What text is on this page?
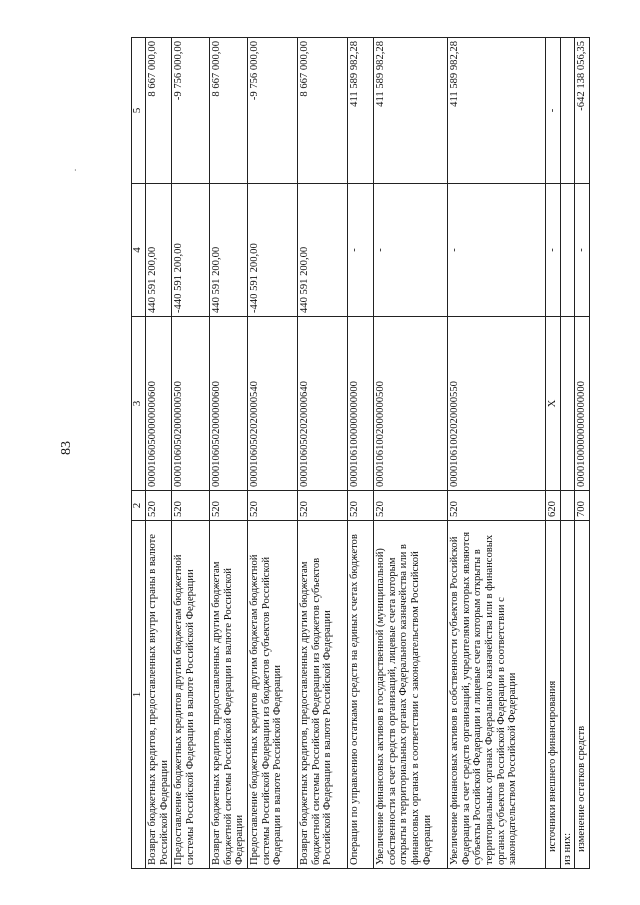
83
·
1	2	3	4	5
Возврат бюджетных кредитов, предоставленных внутри страны в валюте Российской Федерации	520	00001060500000000600	440 591 200,00	8 667 000,00
Предоставление бюджетных кредитов другим бюджетам бюджетной системы Российской Федерации в валюте Российской Федерации	520	00001060502000000500	-440 591 200,00	-9 756 000,00
Возврат бюджетных кредитов, предоставленных другим бюджетам бюджетной системы Российской Федерации в валюте Российской Федерации	520	00001060502000000600	440 591 200,00	8 667 000,00
Предоставление бюджетных кредитов другим бюджетам бюджетной системы Российской Федерации из бюджетов субъектов Российской Федерации в валюте Российской Федерации	520	00001060502020000540	-440 591 200,00	-9 756 000,00
Возврат бюджетных кредитов, предоставленных другим бюджетам бюджетной системы Российской Федерации из бюджетов субъектов Российской Федерации в валюте Российской Федерации	520	00001060502020000640	440 591 200,00	8 667 000,00
Операции по управлению остатками средств на единых счетах бюджетов	520	00001061000000000000	-	411 589 982,28
Увеличение финансовых активов в государственной (муниципальной) собственности за счет средств организаций, лицевые счета которым открыты в территориальных органах Федерального казначейства или в финансовых органах в соответствии с законодательством Российской Федерации	520	00001061002000000500	-	411 589 982,28
Увеличение финансовых активов в собственности субъектов Российской Федерации за счет средств организаций, учредителями которых являются субъекты Российской Федерации и лицевые счета которым открыты в территориальных органах Федерального казначейства или в финансовых органах субъектов Российской Федерации в соответствии с законодательством Российской Федерации	520	00001061002020000550	-	411 589 982,28
источники внешнего финансирования	620	X	-	-
из них:				
изменение остатков средств	700	00001000000000000000	-	-642 138 056,35
